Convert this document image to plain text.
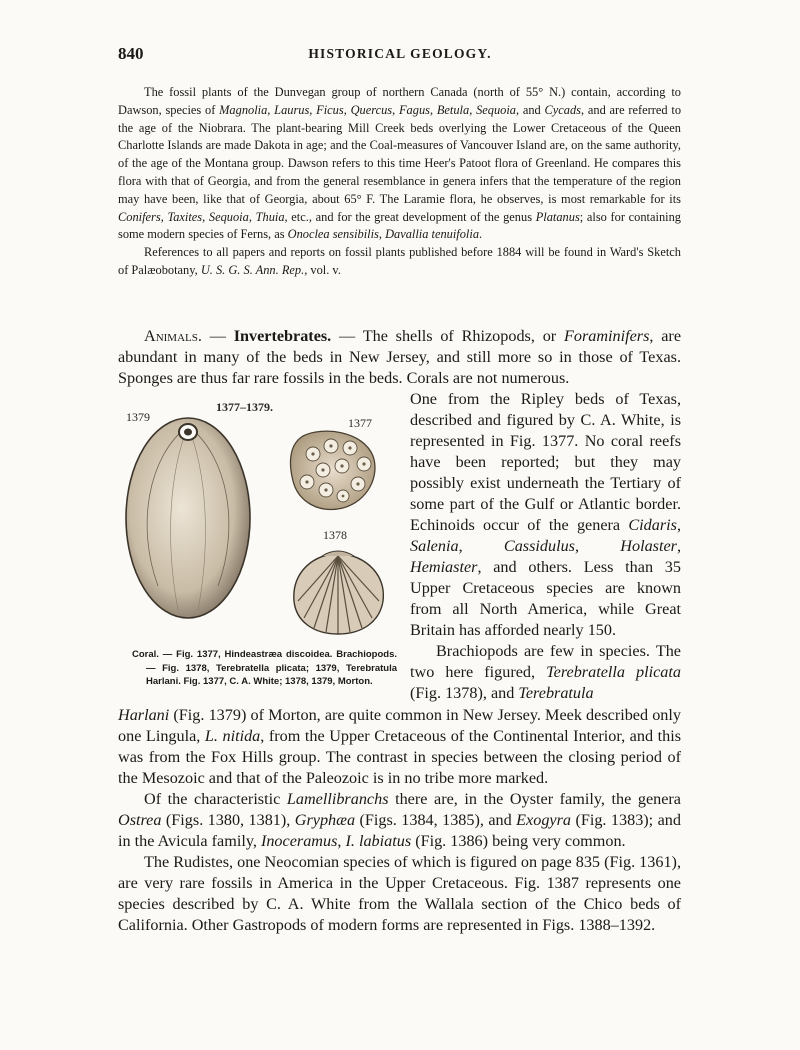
840	HISTORICAL GEOLOGY.

The fossil plants of the Dunvegan group of northern Canada (north of 55° N.) contain, according to Dawson, species of Magnolia, Laurus, Ficus, Quercus, Fagus, Betula, Sequoia, and Cycads, and are referred to the age of the Niobrara. The plant-bearing Mill Creek beds overlying the Lower Cretaceous of the Queen Charlotte Islands are made Dakota in age; and the Coal-measures of Vancouver Island are, on the same authority, of the age of the Montana group. Dawson refers to this time Heer's Patoot flora of Greenland. He compares this flora with that of Georgia, and from the general resemblance in genera infers that the temperature of the region may have been, like that of Georgia, about 65° F. The Laramie flora, he observes, is most remarkable for its Conifers, Taxites, Sequoia, Thuia, etc., and for the great development of the genus Platanus; also for containing some modern species of Ferns, as Onoclea sensibilis, Davallia tenuifolia.

References to all papers and reports on fossil plants published before 1884 will be found in Ward's Sketch of Palæobotany, U. S. G. S. Ann. Rep., vol. v.

Animals. — Invertebrates. — The shells of Rhizopods, or Foraminifers, are abundant in many of the beds in New Jersey, and still more so in those of Texas. Sponges are thus far rare fossils in the beds. Corals are not numerous.

One from the Ripley beds of Texas, described and figured by C. A. White, is represented in Fig. 1377. No coral reefs have been reported; but they may possibly exist underneath the Tertiary of some part of the Gulf or Atlantic border. Echinoids occur of the genera Cidaris, Salenia, Cassidulus, Holaster, Hemiaster, and others. Less than 35 Upper Cretaceous species are known from all North America, while Great Britain has afforded nearly 150.

Brachiopods are few in species. The two here figured, Terebratella plicata (Fig. 1378), and Terebratula

1379
1377–1379.
1377
1378

Coral. — Fig. 1377, Hindeastræa discoidea. Brachiopods. — Fig. 1378, Terebratella plicata; 1379, Terebratula Harlani. Fig. 1377, C. A. White; 1378, 1379, Morton.

Harlani (Fig. 1379) of Morton, are quite common in New Jersey. Meek described only one Lingula, L. nitida, from the Upper Cretaceous of the Continental Interior, and this was from the Fox Hills group. The contrast in species between the closing period of the Mesozoic and that of the Paleozoic is in no tribe more marked.

Of the characteristic Lamellibranchs there are, in the Oyster family, the genera Ostrea (Figs. 1380, 1381), Gryphæa (Figs. 1384, 1385), and Exogyra (Fig. 1383); and in the Avicula family, Inoceramus, I. labiatus (Fig. 1386) being very common.

The Rudistes, one Neocomian species of which is figured on page 835 (Fig. 1361), are very rare fossils in America in the Upper Cretaceous. Fig. 1387 represents one species described by C. A. White from the Wallala section of the Chico beds of California. Other Gastropods of modern forms are represented in Figs. 1388–1392.
